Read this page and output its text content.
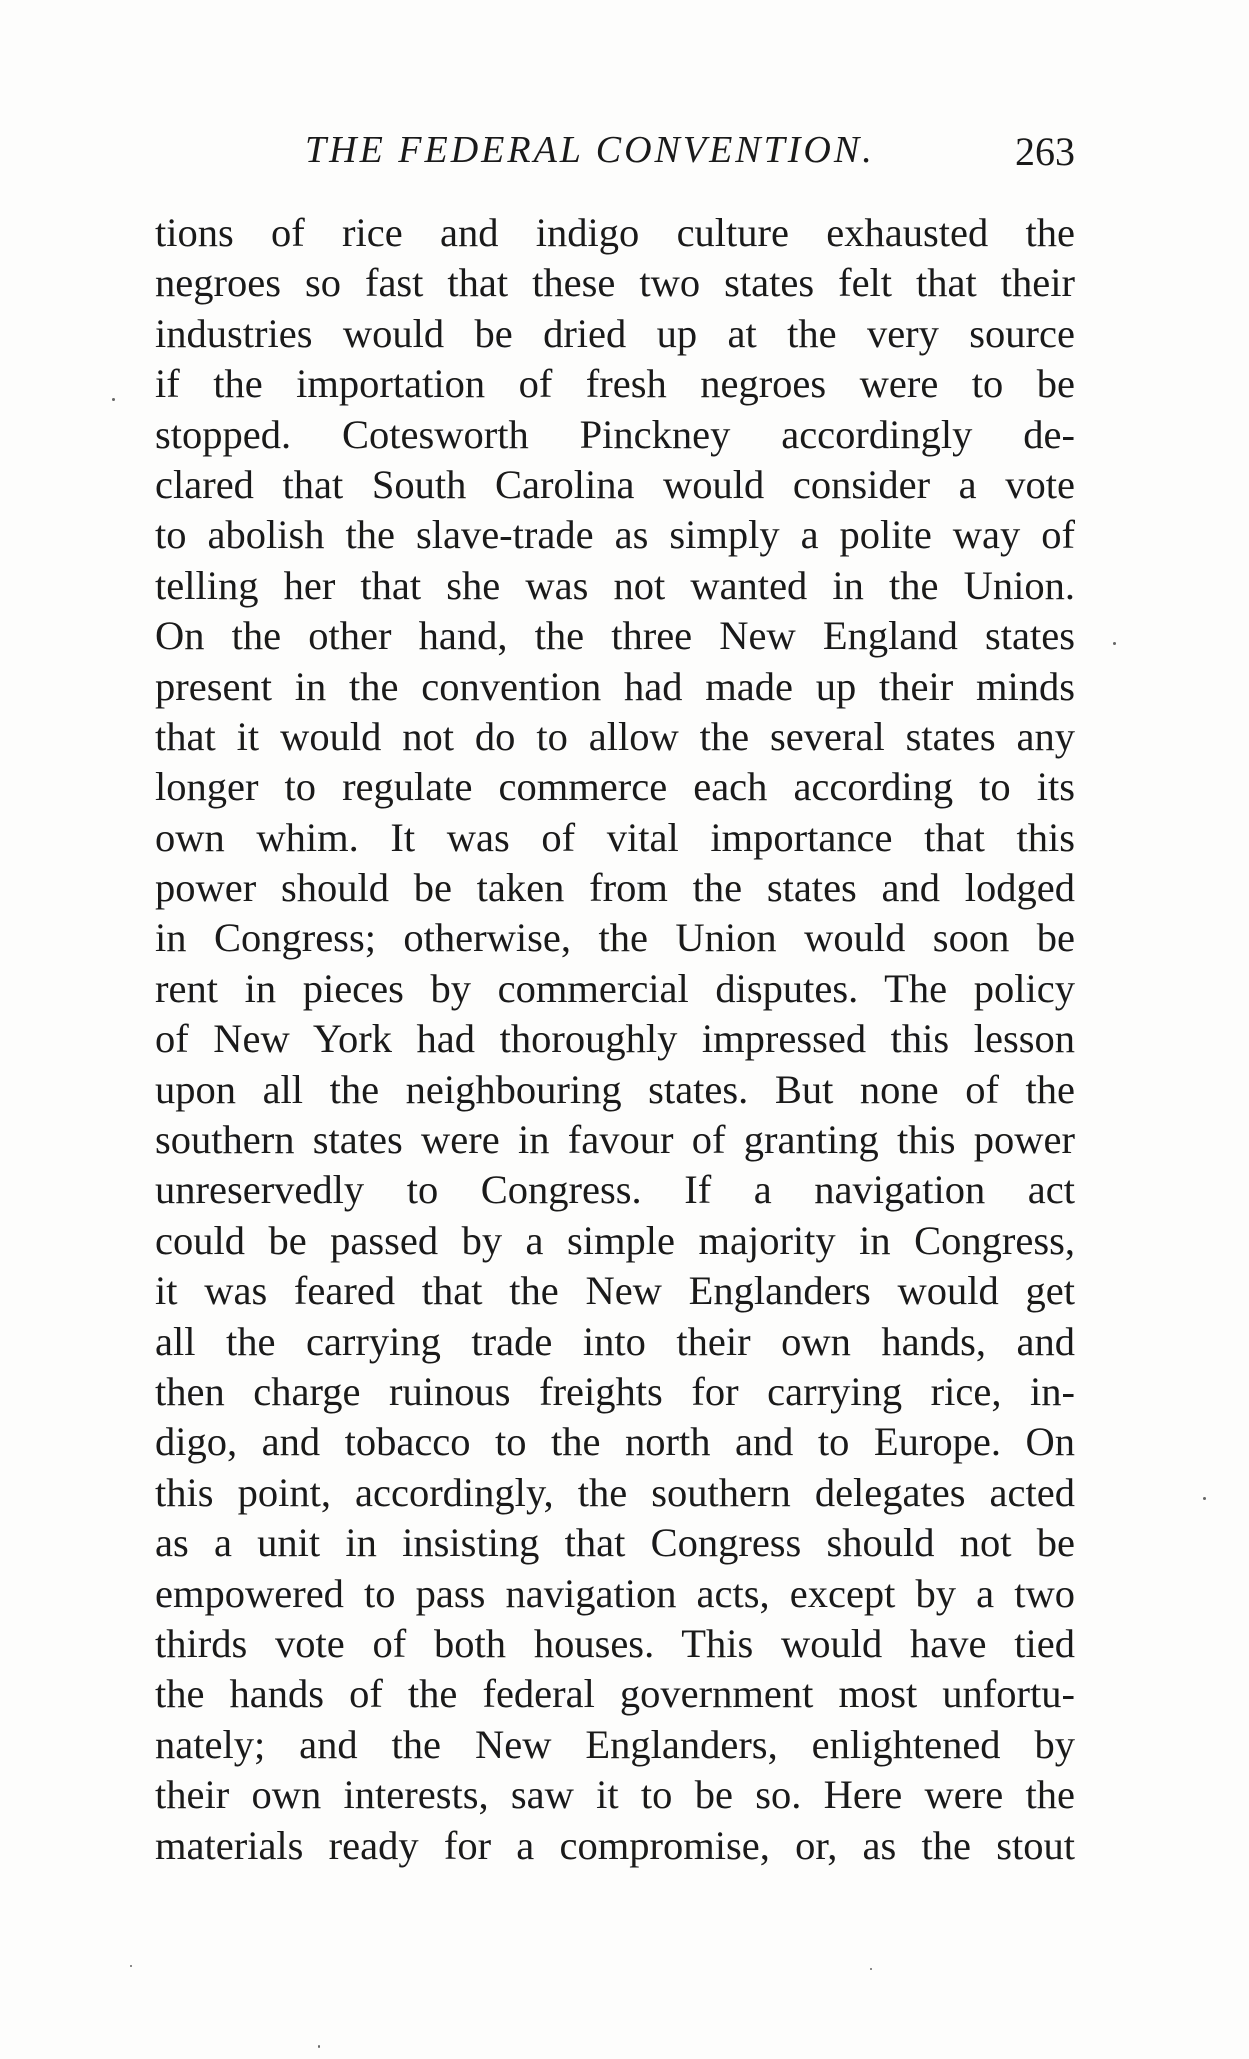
THE FEDERAL CONVENTION.	263
tions of rice and indigo culture exhausted the
negroes so fast that these two states felt that their
industries would be dried up at the very source
if the importation of fresh negroes were to be
stopped. Cotesworth Pinckney accordingly de-
clared that South Carolina would consider a vote
to abolish the slave-trade as simply a polite way of
telling her that she was not wanted in the Union.
On the other hand, the three New England states
present in the convention had made up their minds
that it would not do to allow the several states any
longer to regulate commerce each according to its
own whim. It was of vital importance that this
power should be taken from the states and lodged
in Congress; otherwise, the Union would soon be
rent in pieces by commercial disputes. The policy
of New York had thoroughly impressed this lesson
upon all the neighbouring states. But none of the
southern states were in favour of granting this power
unreservedly to Congress. If a navigation act
could be passed by a simple majority in Congress,
it was feared that the New Englanders would get
all the carrying trade into their own hands, and
then charge ruinous freights for carrying rice, in-
digo, and tobacco to the north and to Europe. On
this point, accordingly, the southern delegates acted
as a unit in insisting that Congress should not be
empowered to pass navigation acts, except by a two
thirds vote of both houses. This would have tied
the hands of the federal government most unfortu-
nately; and the New Englanders, enlightened by
their own interests, saw it to be so. Here were the
materials ready for a compromise, or, as the stout
